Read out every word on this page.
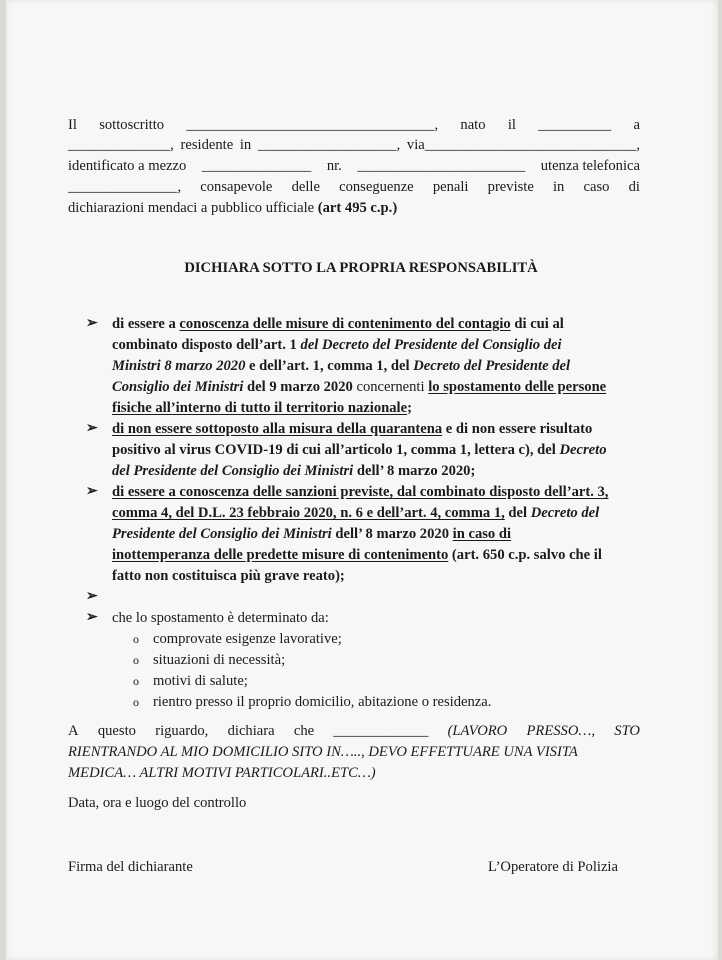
Il sottoscritto __________________________________, nato il __________ a
______________, residente in ___________________, via_____________________________,
identificato a mezzo _______________ nr. _______________________ utenza telefonica
_______________, consapevole delle conseguenze penali previste in caso di
dichiarazioni mendaci a pubblico ufficiale (art 495 c.p.)
DICHIARA SOTTO LA PROPRIA RESPONSABILITÀ
➢ di essere a conoscenza delle misure di contenimento del contagio di cui al
combinato disposto dell’art. 1 del Decreto del Presidente del Consiglio dei
Ministri 8 marzo 2020 e dell’art. 1, comma 1, del Decreto del Presidente del
Consiglio dei Ministri del 9 marzo 2020 concernenti lo spostamento delle persone
fisiche all’interno di tutto il territorio nazionale;
➢ di non essere sottoposto alla misura della quarantena e di non essere risultato
positivo al virus COVID-19 di cui all’articolo 1, comma 1, lettera c), del Decreto
del Presidente del Consiglio dei Ministri dell’ 8 marzo 2020;
➢ di essere a conoscenza delle sanzioni previste, dal combinato disposto dell’art. 3,
comma 4, del D.L. 23 febbraio 2020, n. 6 e dell’art. 4, comma 1, del Decreto del
Presidente del Consiglio dei Ministri dell’ 8 marzo 2020 in caso di
inottemperanza delle predette misure di contenimento (art. 650 c.p. salvo che il
fatto non costituisca più grave reato);
➢
➢ che lo spostamento è determinato da:
o comprovate esigenze lavorative;
o situazioni di necessità;
o motivi di salute;
o rientro presso il proprio domicilio, abitazione o residenza.
A questo riguardo, dichiara che _____________ (LAVORO PRESSO…, STO
RIENTRANDO AL MIO DOMICILIO SITO IN….., DEVO EFFETTUARE UNA VISITA
MEDICA… ALTRI MOTIVI PARTICOLARI..ETC…)
Data, ora e luogo del controllo
Firma del dichiarante	L’Operatore di Polizia
